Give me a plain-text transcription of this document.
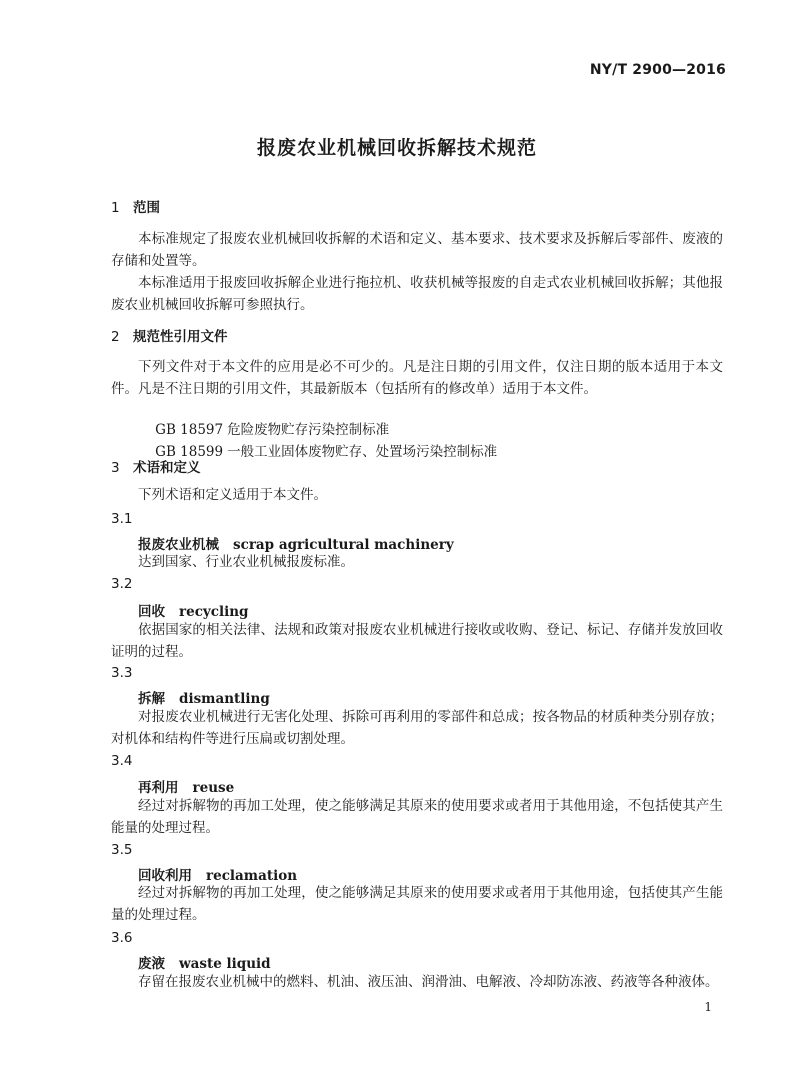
NY/T 2900—2016
报废农业机械回收拆解技术规范
1 范围

本标准规定了报废农业机械回收拆解的术语和定义、基本要求、技术要求及拆解后零部件、废液的存储和处置等。

本标准适用于报废回收拆解企业进行拖拉机、收获机械等报废的自走式农业机械回收拆解；其他报废农业机械回收拆解可参照执行。

2 规范性引用文件

下列文件对于本文件的应用是必不可少的。凡是注日期的引用文件，仅注日期的版本适用于本文件。凡是不注日期的引用文件，其最新版本（包括所有的修改单）适用于本文件。

GB 18597 危险废物贮存污染控制标准

GB 18599 一般工业固体废物贮存、处置场污染控制标准

3 术语和定义

下列术语和定义适用于本文件。

3.1
报废农业机械 scrap agricultural machinery

达到国家、行业农业机械报废标准。

3.2
回收 recycling

依据国家的相关法律、法规和政策对报废农业机械进行接收或收购、登记、标记、存储并发放回收证明的过程。

3.3
拆解 dismantling

对报废农业机械进行无害化处理、拆除可再利用的零部件和总成；按各物品的材质种类分别存放；对机体和结构件等进行压扁或切割处理。

3.4
再利用 reuse

经过对拆解物的再加工处理，使之能够满足其原来的使用要求或者用于其他用途，不包括使其产生能量的处理过程。

3.5
回收利用 reclamation

经过对拆解物的再加工处理，使之能够满足其原来的使用要求或者用于其他用途，包括使其产生能量的处理过程。

3.6
废液 waste liquid

存留在报废农业机械中的燃料、机油、液压油、润滑油、电解液、冷却防冻液、药液等各种液体。

1
